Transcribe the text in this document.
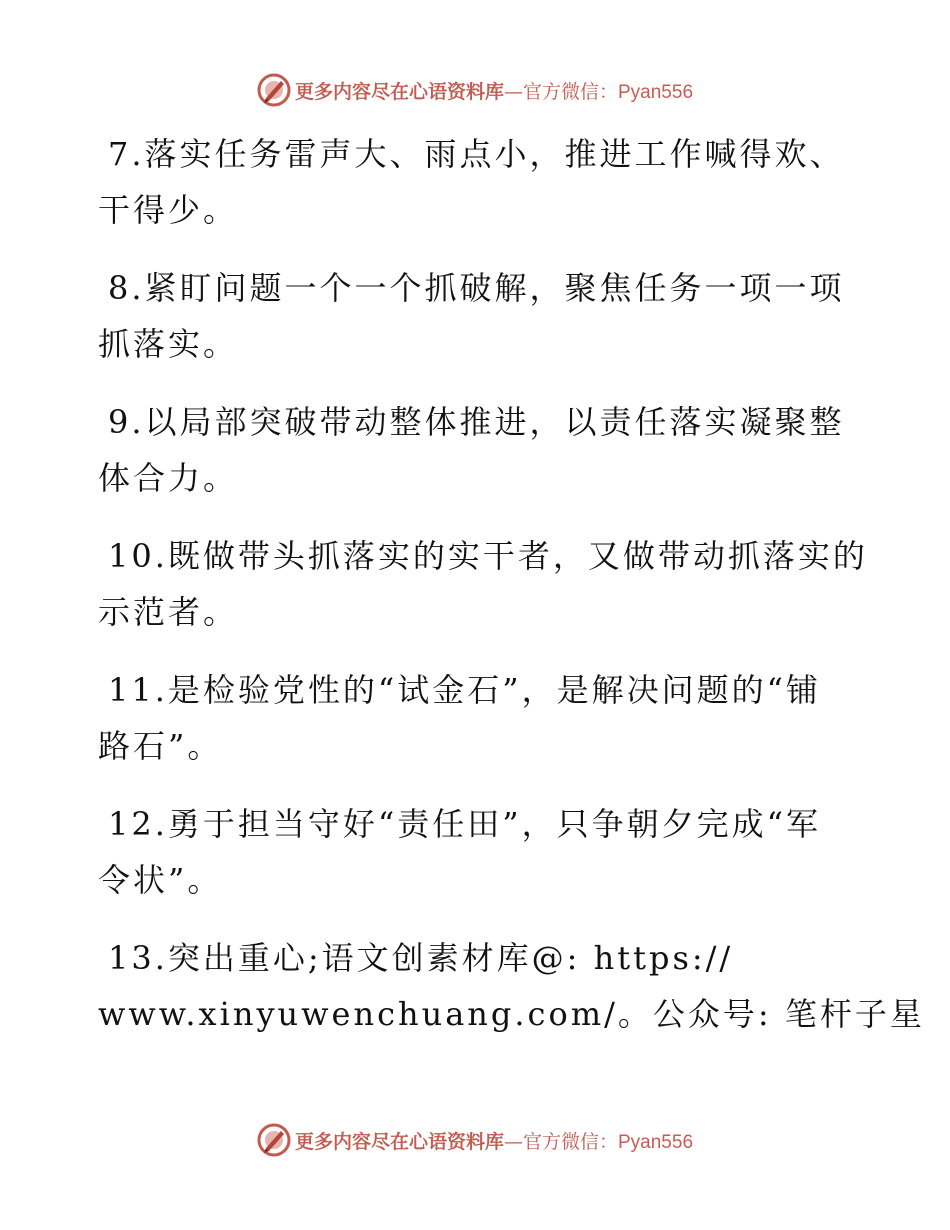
更多内容尽在心语资料库—官方微信：Pyan556
7.落实任务雷声大、雨点小，推进工作喊得欢、
干得少。
8.紧盯问题一个一个抓破解，聚焦任务一项一项
抓落实。
9.以局部突破带动整体推进，以责任落实凝聚整
体合力。
10.既做带头抓落实的实干者，又做带动抓落实的
示范者。
11.是检验党性的“试金石”，是解决问题的“铺
路石”。
12.勇于担当守好“责任田”，只争朝夕完成“军
令状”。
13.突出重心;语文创素材库@: https://
www.xinyuwenchuang.com/。公众号: 笔杆子星
更多内容尽在心语资料库—官方微信：Pyan556
